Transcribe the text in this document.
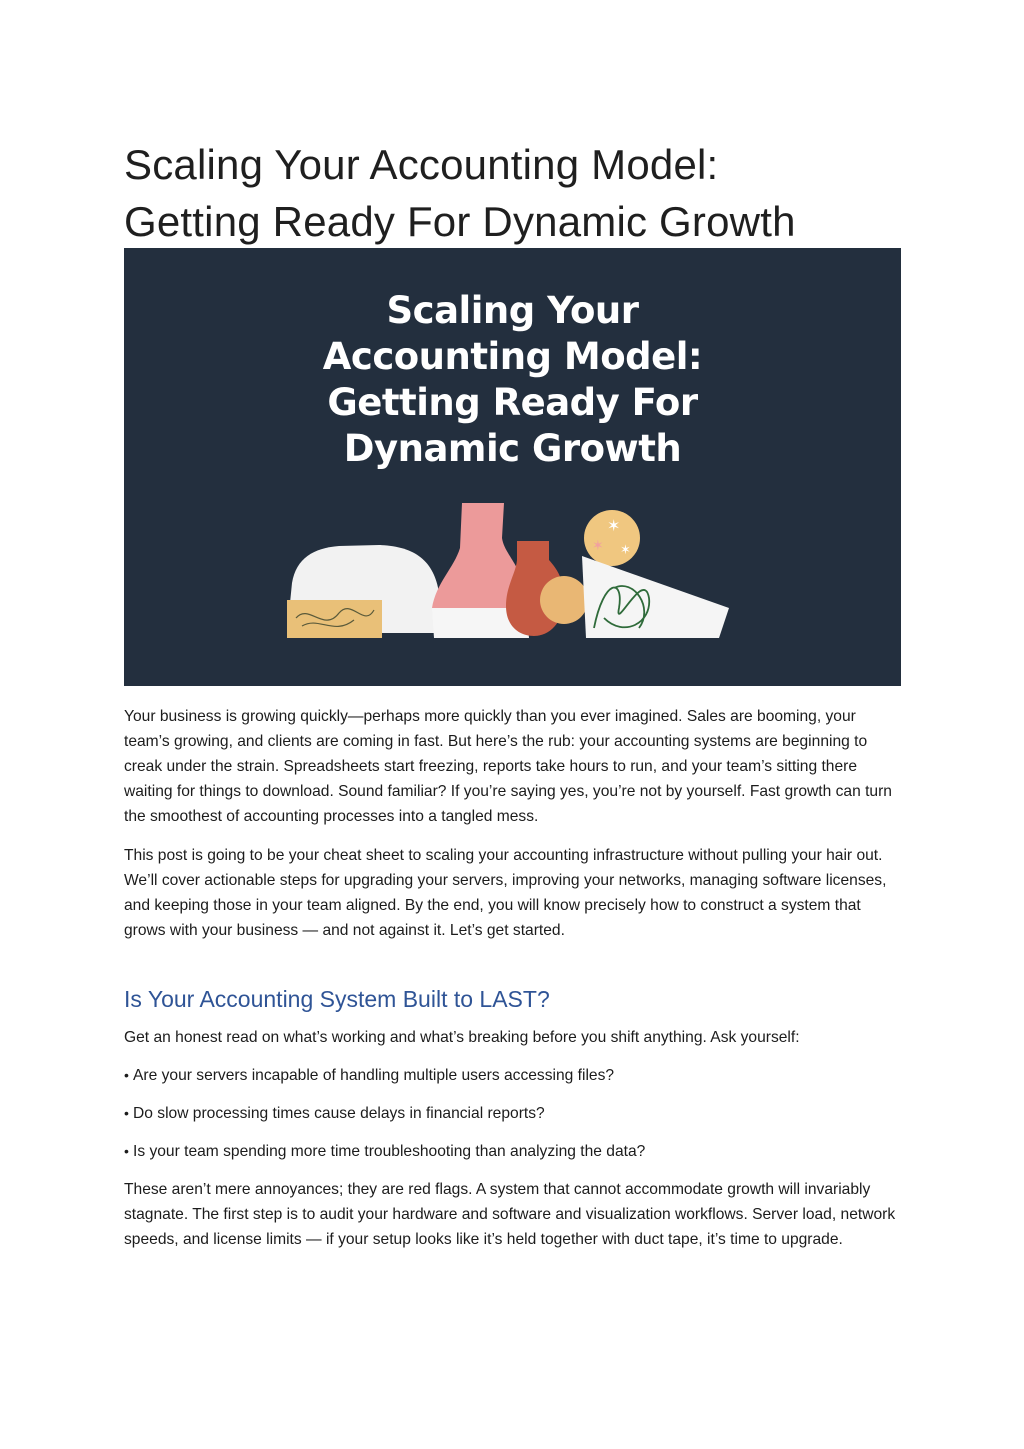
Scaling Your Accounting Model:
Getting Ready For Dynamic Growth
✶
✶ ✶
Scaling Your
Accounting Model:
Getting Ready For
Dynamic Growth

Your business is growing quickly—perhaps more quickly than you ever imagined. Sales are booming, your team’s growing, and clients are coming in fast. But here’s the rub: your accounting systems are beginning to creak under the strain. Spreadsheets start freezing, reports take hours to run, and your team’s sitting there waiting for things to download. Sound familiar? If you’re saying yes, you’re not by yourself. Fast growth can turn the smoothest of accounting processes into a tangled mess.

This post is going to be your cheat sheet to scaling your accounting infrastructure without pulling your hair out. We’ll cover actionable steps for upgrading your servers, improving your networks, managing software licenses, and keeping those in your team aligned. By the end, you will know precisely how to construct a system that grows with your business — and not against it. Let’s get started.

Is Your Accounting System Built to LAST?

Get an honest read on what’s working and what’s breaking before you shift anything. Ask yourself:

• Are your servers incapable of handling multiple users accessing files?
• Do slow processing times cause delays in financial reports?
• Is your team spending more time troubleshooting than analyzing the data?

These aren’t mere annoyances; they are red flags. A system that cannot accommodate growth will invariably stagnate. The first step is to audit your hardware and software and visualization workflows. Server load, network speeds, and license limits — if your setup looks like it’s held together with duct tape, it’s time to upgrade.
